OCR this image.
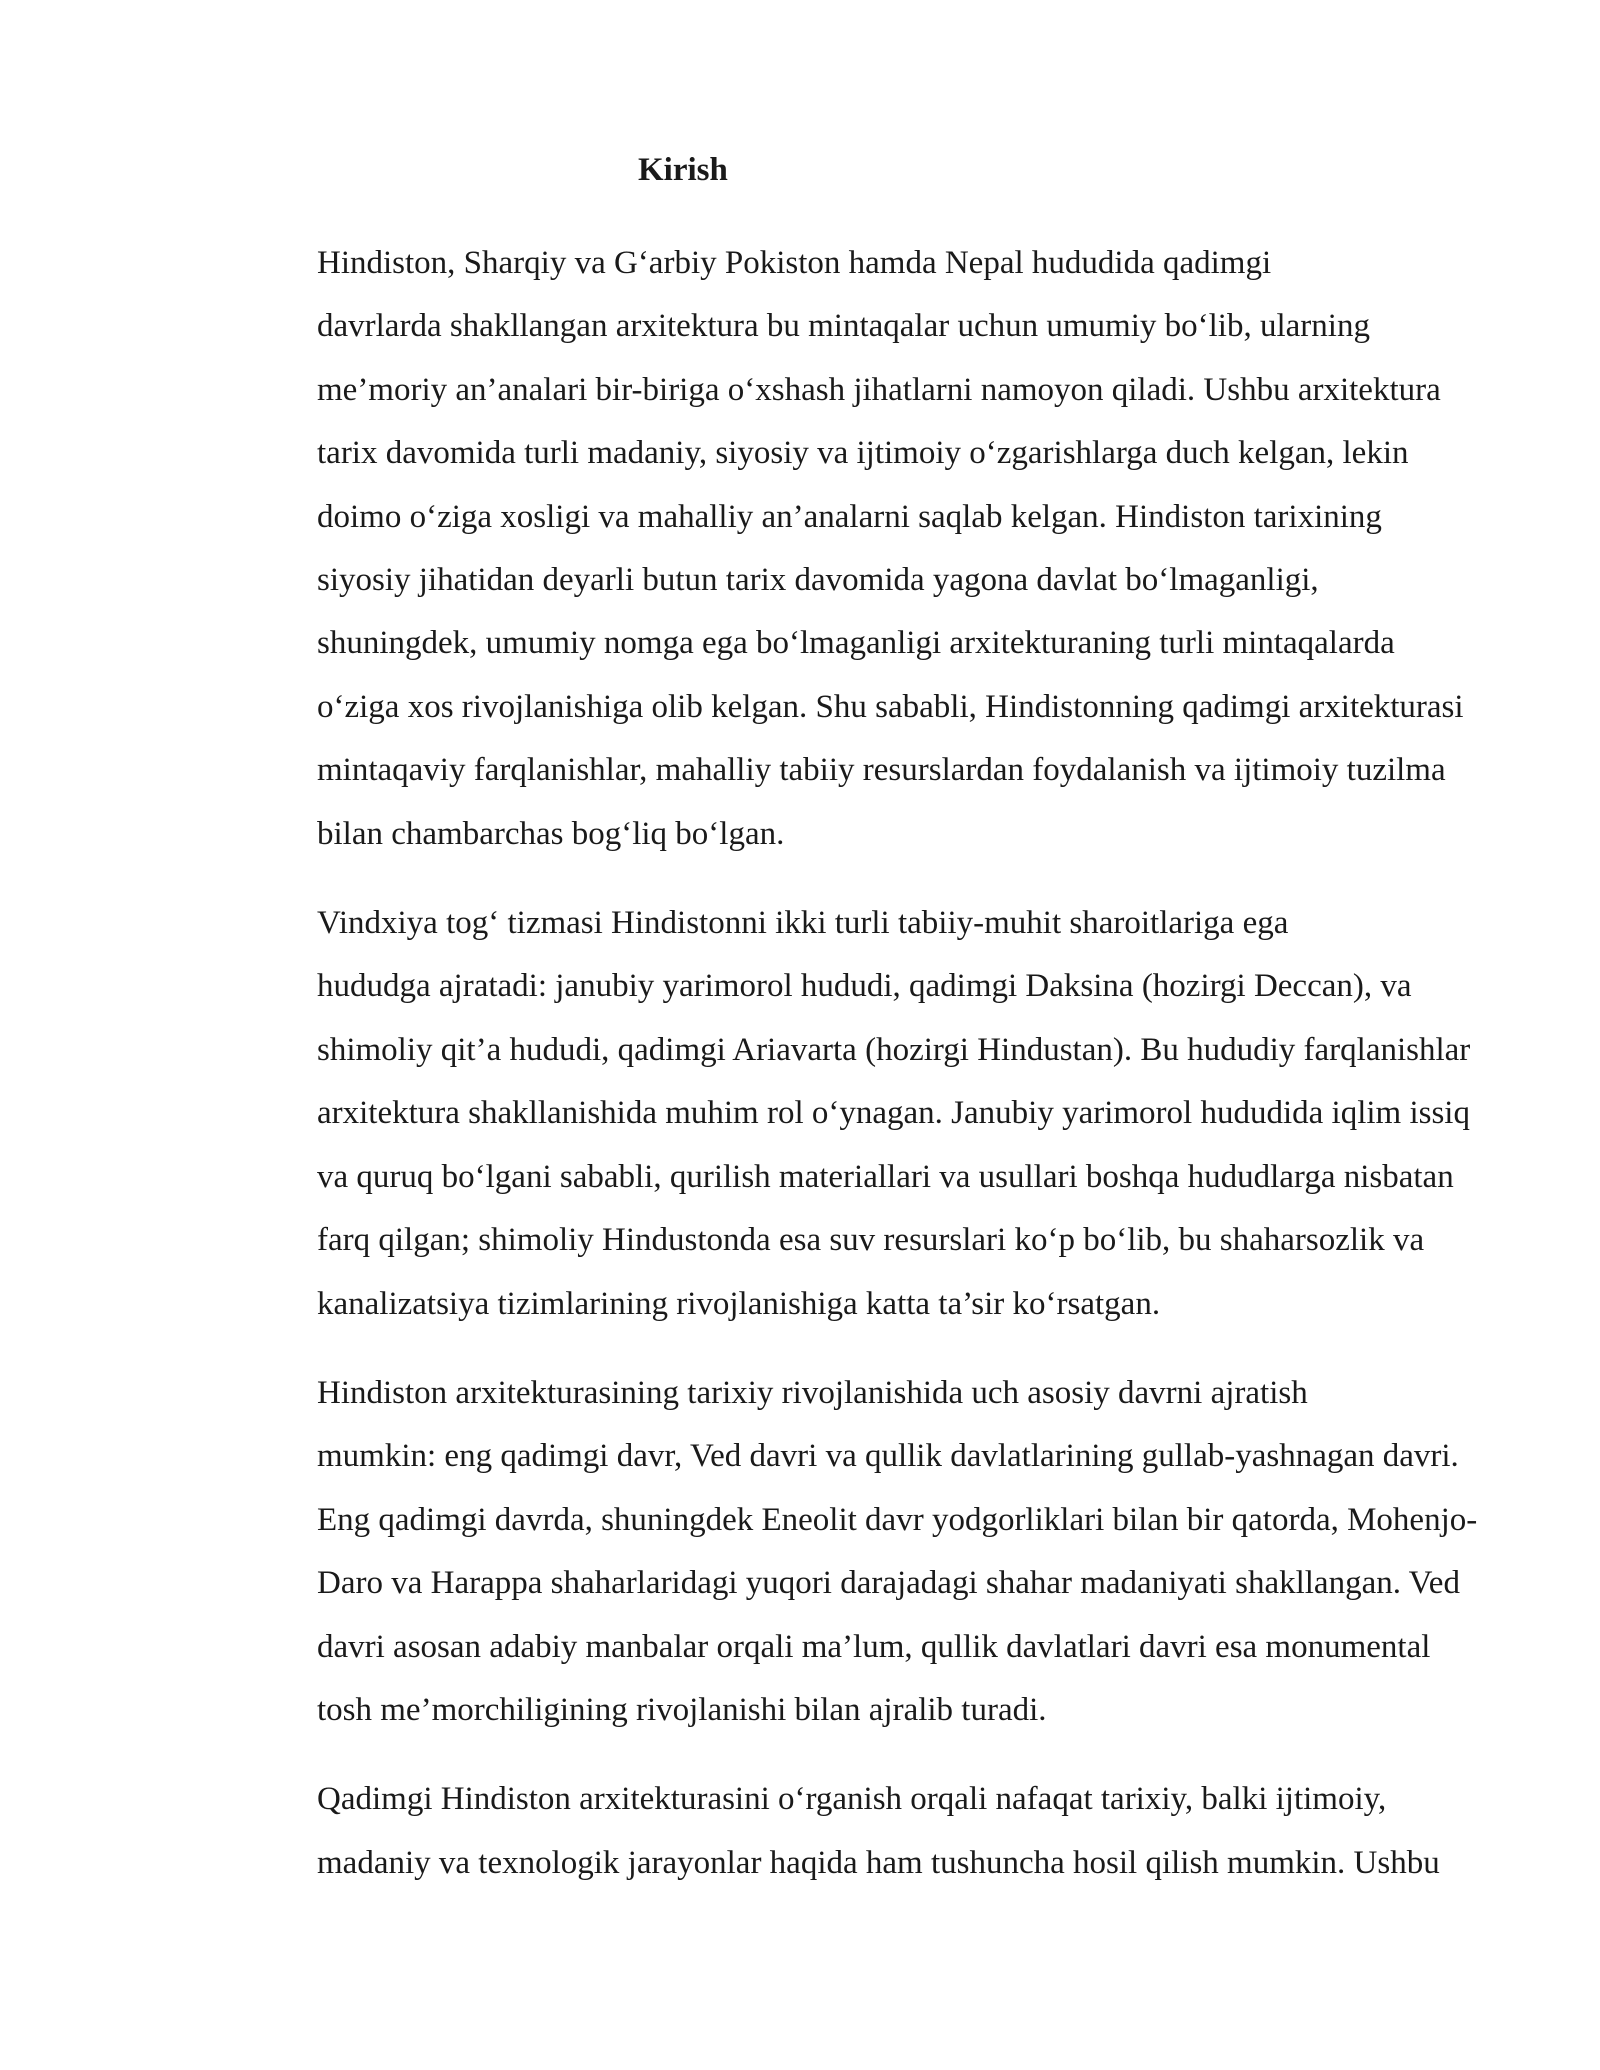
Kirish

Hindiston, Sharqiy va G‘arbiy Pokiston hamda Nepal hududida qadimgi
davrlarda shakllangan arxitektura bu mintaqalar uchun umumiy bo‘lib, ularning
me’moriy an’analari bir-biriga o‘xshash jihatlarni namoyon qiladi. Ushbu arxitektura
tarix davomida turli madaniy, siyosiy va ijtimoiy o‘zgarishlarga duch kelgan, lekin
doimo o‘ziga xosligi va mahalliy an’analarni saqlab kelgan. Hindiston tarixining
siyosiy jihatidan deyarli butun tarix davomida yagona davlat bo‘lmaganligi,
shuningdek, umumiy nomga ega bo‘lmaganligi arxitekturaning turli mintaqalarda
o‘ziga xos rivojlanishiga olib kelgan. Shu sababli, Hindistonning qadimgi arxitekturasi
mintaqaviy farqlanishlar, mahalliy tabiiy resurslardan foydalanish va ijtimoiy tuzilma
bilan chambarchas bog‘liq bo‘lgan.

Vindxiya tog‘ tizmasi Hindistonni ikki turli tabiiy-muhit sharoitlariga ega
hududga ajratadi: janubiy yarimorol hududi, qadimgi Daksina (hozirgi Deccan), va
shimoliy qit’a hududi, qadimgi Ariavarta (hozirgi Hindustan). Bu hududiy farqlanishlar
arxitektura shakllanishida muhim rol o‘ynagan. Janubiy yarimorol hududida iqlim issiq
va quruq bo‘lgani sababli, qurilish materiallari va usullari boshqa hududlarga nisbatan
farq qilgan; shimoliy Hindustonda esa suv resurslari ko‘p bo‘lib, bu shaharsozlik va
kanalizatsiya tizimlarining rivojlanishiga katta ta’sir ko‘rsatgan.

Hindiston arxitekturasining tarixiy rivojlanishida uch asosiy davrni ajratish
mumkin: eng qadimgi davr, Ved davri va qullik davlatlarining gullab-yashnagan davri.
Eng qadimgi davrda, shuningdek Eneolit davr yodgorliklari bilan bir qatorda, Mohenjo-
Daro va Harappa shaharlaridagi yuqori darajadagi shahar madaniyati shakllangan. Ved
davri asosan adabiy manbalar orqali ma’lum, qullik davlatlari davri esa monumental
tosh me’morchiligining rivojlanishi bilan ajralib turadi.

Qadimgi Hindiston arxitekturasini o‘rganish orqali nafaqat tarixiy, balki ijtimoiy,
madaniy va texnologik jarayonlar haqida ham tushuncha hosil qilish mumkin. Ushbu
